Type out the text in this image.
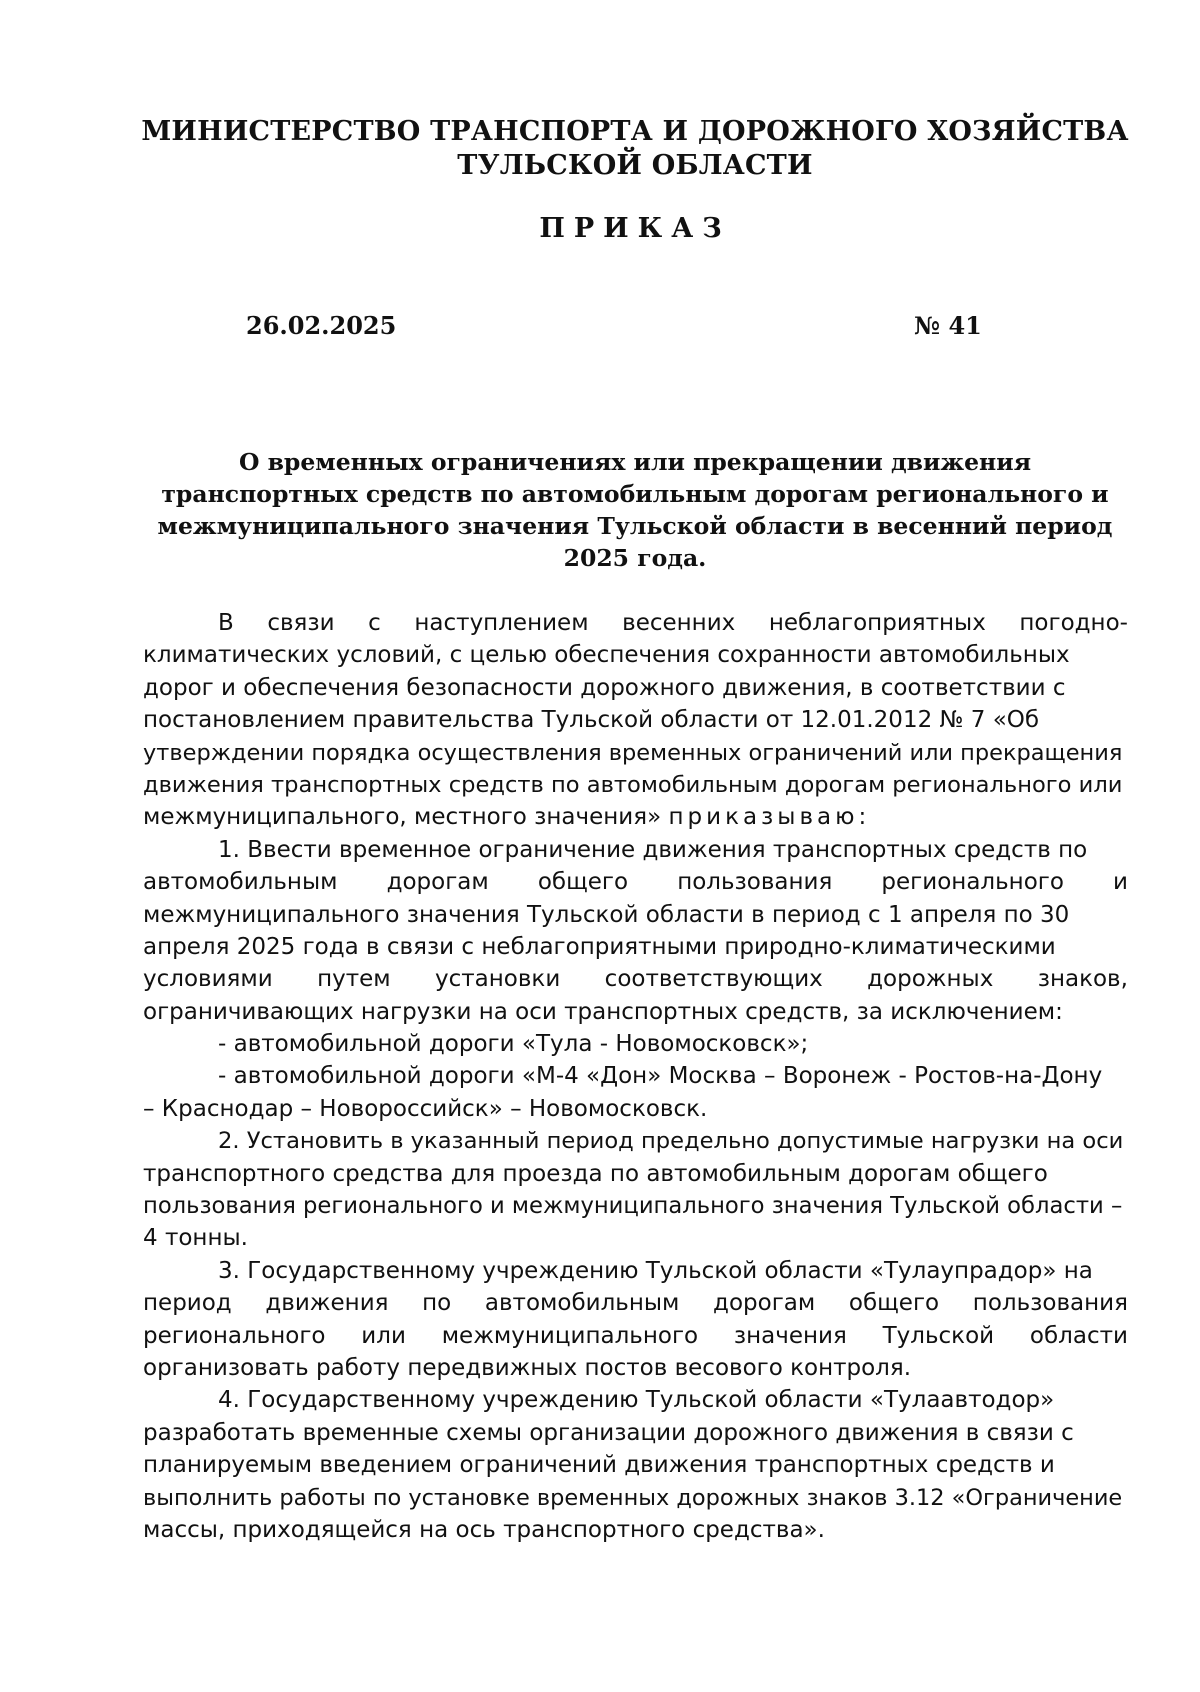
МИНИСТЕРСТВО ТРАНСПОРТА И ДОРОЖНОГО ХОЗЯЙСТВА
ТУЛЬСКОЙ ОБЛАСТИ
ПРИКАЗ
26.02.2025	№ 41
О временных ограничениях или прекращении движения
транспортных средств по автомобильным дорогам регионального и
межмуниципального значения Тульской области в весенний период
2025 года.
В связи с наступлением весенних неблагоприятных погодно-
климатических условий, с целью обеспечения сохранности автомобильных
дорог и обеспечения безопасности дорожного движения, в соответствии с
постановлением правительства Тульской области от 12.01.2012 № 7 «Об
утверждении порядка осуществления временных ограничений или прекращения
движения транспортных средств по автомобильным дорогам регионального или
межмуниципального, местного значения» приказываю:
1. Ввести временное ограничение движения транспортных средств по
автомобильным дорогам общего пользования регионального и
межмуниципального значения Тульской области в период с 1 апреля по 30
апреля 2025 года в связи с неблагоприятными природно-климатическими
условиями путем установки соответствующих дорожных знаков,
ограничивающих нагрузки на оси транспортных средств, за исключением:
- автомобильной дороги «Тула - Новомосковск»;
- автомобильной дороги «М-4 «Дон» Москва – Воронеж - Ростов-на-Дону
– Краснодар – Новороссийск» – Новомосковск.
2. Установить в указанный период предельно допустимые нагрузки на оси
транспортного средства для проезда по автомобильным дорогам общего
пользования регионального и межмуниципального значения Тульской области –
4 тонны.
3. Государственному учреждению Тульской области «Тулаупрадор» на
период движения по автомобильным дорогам общего пользования
регионального или межмуниципального значения Тульской области
организовать работу передвижных постов весового контроля.
4. Государственному учреждению Тульской области «Тулаавтодор»
разработать временные схемы организации дорожного движения в связи с
планируемым введением ограничений движения транспортных средств и
выполнить работы по установке временных дорожных знаков 3.12 «Ограничение
массы, приходящейся на ось транспортного средства».
